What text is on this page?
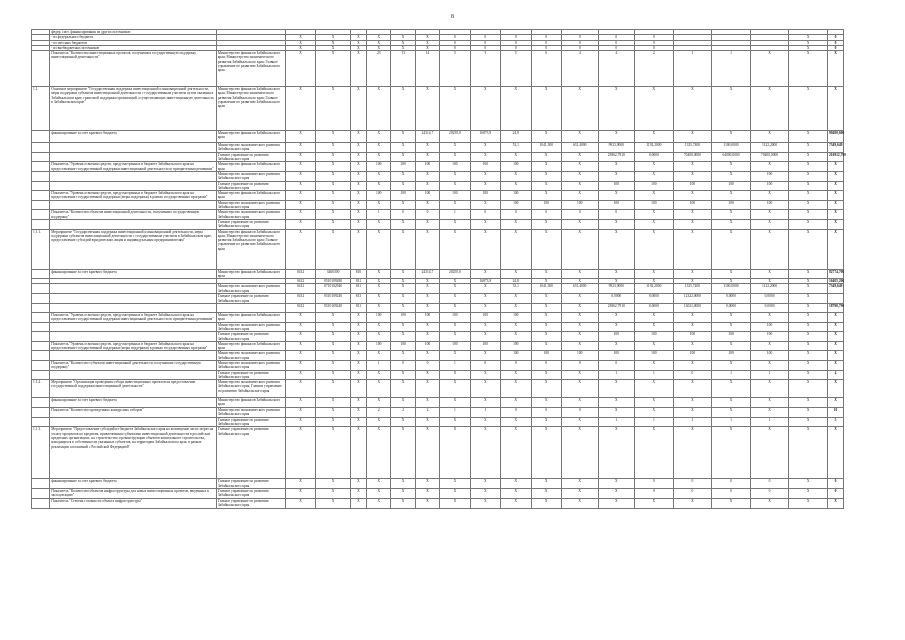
8
	федер. сист. финансирования из других источников:																			
	- из федерального бюджета		X	X	X	X	X	X	0	0	0	0	0	0	0				X	0
	- из местных бюджетов		X	X	X	X	X	X	0	0	0	0	0	0	0				X	0
	- из внебюджетных источников		X	X	X	X	X	X	0	0	0	0	0	0	0				X	0
	Показатель "Количество инвестиционных проектов, получивших государственную поддержку инвестиционной деятельности"	Министерство финансов Забайкальского края; Министерство экономического развития Забайкальского края; Главное управление по развитию Забайкальского края	X	X	X	23	13	14	5	5	5	6	4	4	2	1	1	X	X	X
1.1.	Основное мероприятие "Государственная поддержка инвестиционной и инновационной деятельности, меры поддержки субъектов инвестиционной деятельности с государственным участием путем оказания в Забайкальском крае, грантовой поддержки организаций, осуществляющих инвестиционную деятельность в Забайкальском крае"	Министерство финансов Забайкальского края; Министерство экономического развития Забайкальского края; Главное управление по развитию Забайкальского края	X	X	X	X	X	X	X	X	X	X	X	X	X	X	X	X	X	X
	финансирование за счет краевого бюджета	Министерство финансов Забайкальского края	X	X	X	X	X	24314,7	20250,0	16873,9	24,8	X	X	X	X	X	X	X	X	99480,600
		Министерство экономического развития Забайкальского края	X	X	X	X	X	X	X	X	53,1	1041,300	631,4000	9923,9000	1192,2000	1335,7400	1100,0000	1122,2000	X	7349,649
		Главное управление по развитию Забайкальского края	X	X	X	X	X	X	X	X	X	X	X	23862,7910	0,0000	70400,0000	64000,0000	70400,0000	X	216912,790
	Показатель "Уровень освоения средств, предусмотренных в бюджете Забайкальского края на предоставление государственной поддержки инвестиционной деятельности по приоритетным решениям"	Министерство финансов Забайкальского края	X	X	X	100	100	100	100	100	100	X	X	X	X	X	X	X	X	X
		Министерство экономического развития Забайкальского края	X	X	X	X	X	X	X	X	X	X	X	X	X	X	X	100	X	X
		Главное управление по развитию Забайкальского края	X	X	X	X	X	X	X	X	X	X	X	100	100	100	100	100	X	X
	Показатель "Уровень освоения средств, предусмотренных в бюджете Забайкальского края на предоставление государственной поддержки (меры поддержки) в рамках государственных программ"	Министерство финансов Забайкальского края	X	X	X	100	100	100	100	100	100	X	X	X	X	X	X	X	X	X
		Министерство экономического развития Забайкальского края	X	X	X	X	X	X	X	X	100	100	100	100	100	100	100	100	X	X
	Показатель "Количество объектов инвестиционной деятельности, получивших государственную поддержку"	Министерство экономического развития Забайкальского края	X	X	X	1	0	0	1	0	0	0	0	0	X	X	X	X	X	X
		Главное управление по развитию Забайкальского края	X	X	X	X	X	X	X	X	X	X	X	X	X	X	X	X	X	X
1.1.1.	Мероприятие "Государственная поддержка инвестиционной и инновационной деятельности, меры поддержки субъектов инвестиционной деятельности с государственным участием в Забайкальском крае, предоставление субсидий юридическим лицам и индивидуальным предпринимателям"	Министерство финансов Забайкальского края; Министерство экономического развития Забайкальского края; Главное управление по развитию Забайкальского края	X	X	X	X	X	X	X	X	X	X	X	X	X	X	X	X	X	X
	финансирование за счет краевого бюджета	Министерство финансов Забайкальского края	0412	3460300	810	X	X	24314,7	20250,0	X	X	X	X	X	X	X	X	X	X	82774,700
			0412	0510109280	811	X	X	X	X	16873,9	24,8	X	X	X	X	X	X	X	X	16405,200
		Министерство экономического развития Забайкальского края	0412	0710102940	811	X	X	X	X	X	53,1	1041,300	631,4000	9923,9000	1192,2000	1335,7400	1100,0000	1122,2000	X	7349,649
		Главное управление по развитию Забайкальского края	0412	0510109240	813	X	X	X	X	X	X	X	X	0,0000	0,0000	12322,0000	0,0000	0,0000	X	
			0412	0510109240	811	X	X	X	X	X	X	X	X	23862,7910	0,0000	13021,0000	0,0000	0,0000	X	18790,790
	Показатель "Уровень освоения средств, предусмотренных в бюджете Забайкальского края на предоставление государственной поддержки инвестиционной деятельности по приоритетным решениям"	Министерство финансов Забайкальского края	X	X	X	100	100	100	100	100	100	X	X	X	X	X	X	X	X	X
		Министерство экономического развития Забайкальского края	X	X	X	X	X	X	X	X	X	X	X	X	X	X	X	100	X	X
		Главное управление по развитию Забайкальского края	X	X	X	X	X	X	X	X	X	X	X	100	100	100	100	100	X	X
	Показатель "Уровень освоения средств, предусмотренных в бюджете Забайкальского края на предоставление государственной поддержки (меры поддержки) в рамках государственных программ"	Министерство финансов Забайкальского края	X	X	X	100	100	100	100	100	100	X	X	X	X	X	X	X	X	X
		Министерство экономического развития Забайкальского края	X	X	X	X	X	X	X	X	100	100	100	100	100	100	100	100	X	X
	Показатель "Количество субъектов инвестиционной деятельности, получивших государственную поддержку"	Министерство экономического развития Забайкальского края	X	X	X	1	0	0	1	0	0	0	0	0	X	X	X	X	X	X
		Главное управление по развитию Забайкальского края	X	X	X	X	X	X	X	X	X	X	X	1	1	0	1	1	X	4
1.1.2.	Мероприятие "Организация проведения отбора инвестиционных проектов на предоставление государственной поддержки инвестиционной деятельности"	Министерство экономического развития Забайкальского края; Главное управление по развитию Забайкальского края	X	X	X	X	X	X	X	X	X	X	X	X	X	X	X	X	X	X
	финансирование за счет краевого бюджета	Министерство финансов Забайкальского края	X	X	X	X	X	X	X	X	X	X	X	X	X	X	X	X	X	X
	Показатель "Количество проведенных конкурсных отборов"	Министерство экономического развития Забайкальского края	X	X	X	2	2	2	1	1	0	0	0	X	X	X	X	X	X	10
		Главное управление по развитию Забайкальского края	X	X	X	X	X	X	X	X	X	X	X	1	1	1	1	1	X	5
1.1.3.	Мероприятие "Предоставление субсидий из бюджета Забайкальского края на возмещение части затрат на уплату процентов по кредитам, привлеченным субъектами инвестиционной деятельности в российских кредитных организациях, на строительство и реконструкцию объектов капитального строительства, находящихся в собственности указанных субъектов, на территории Забайкальского края, в рамках реализации соглашений с Российской Федерацией"	Главное управление по развитию Забайкальского края	X	X	X	X	X	X	X	X	X	X	X	X	X	X	X	X	X	X
	финансирование за счет краевого бюджета	Главное управление по развитию Забайкальского края	X	X	X	X	X	X	X	X	X	X	X	X	0	0	0	0	X	0
	Показатель "Количество объектов инфраструктуры для новых инвестиционных проектов, введенных в эксплуатацию"	Главное управление по развитию Забайкальского края	X	X	X	X	X	X	X	X	X	X	X	X	0	0	0	0	X	0
	Показатель "Степень готовности объекта инфраструктуры"	Главное управление по развитию Забайкальского края	X	X	X	X	X	X	X	X	X	X	X	X	X	X	X	X	X	X
